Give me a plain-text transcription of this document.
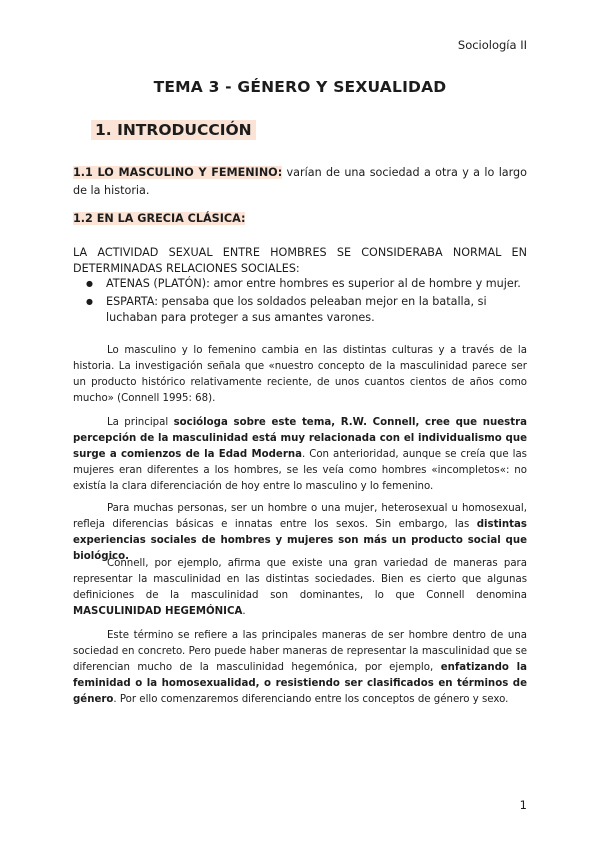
Sociología II
TEMA 3 - GÉNERO Y SEXUALIDAD
1. INTRODUCCIÓN
1.1 LO MASCULINO Y FEMENINO: varían de una sociedad a otra y a lo largo de la historia.
1.2 EN LA GRECIA CLÁSICA:
LA ACTIVIDAD SEXUAL ENTRE HOMBRES SE CONSIDERABA NORMAL EN DETERMINADAS RELACIONES SOCIALES:
● ATENAS (PLATÓN): amor entre hombres es superior al de hombre y mujer.
● ESPARTA: pensaba que los soldados peleaban mejor en la batalla, si luchaban para proteger a sus amantes varones.
Lo masculino y lo femenino cambia en las distintas culturas y a través de la historia. La investigación señala que «nuestro concepto de la masculinidad parece ser un producto histórico relativamente reciente, de unos cuantos cientos de años como mucho» (Connell 1995: 68).
La principal socióloga sobre este tema, R.W. Connell, cree que nuestra percepción de la masculinidad está muy relacionada con el individualismo que surge a comienzos de la Edad Moderna. Con anterioridad, aunque se creía que las mujeres eran diferentes a los hombres, se les veía como hombres «incompletos«: no existía la clara diferenciación de hoy entre lo masculino y lo femenino.
Para muchas personas, ser un hombre o una mujer, heterosexual u homosexual, refleja diferencias básicas e innatas entre los sexos. Sin embargo, las distintas experiencias sociales de hombres y mujeres son más un producto social que biológico.
Connell, por ejemplo, afirma que existe una gran variedad de maneras para representar la masculinidad en las distintas sociedades. Bien es cierto que algunas definiciones de la masculinidad son dominantes, lo que Connell denomina MASCULINIDAD HEGEMÓNICA.
Este término se refiere a las principales maneras de ser hombre dentro de una sociedad en concreto. Pero puede haber maneras de representar la masculinidad que se diferencian mucho de la masculinidad hegemónica, por ejemplo, enfatizando la feminidad o la homosexualidad, o resistiendo ser clasificados en términos de género. Por ello comenzaremos diferenciando entre los conceptos de género y sexo.
1
